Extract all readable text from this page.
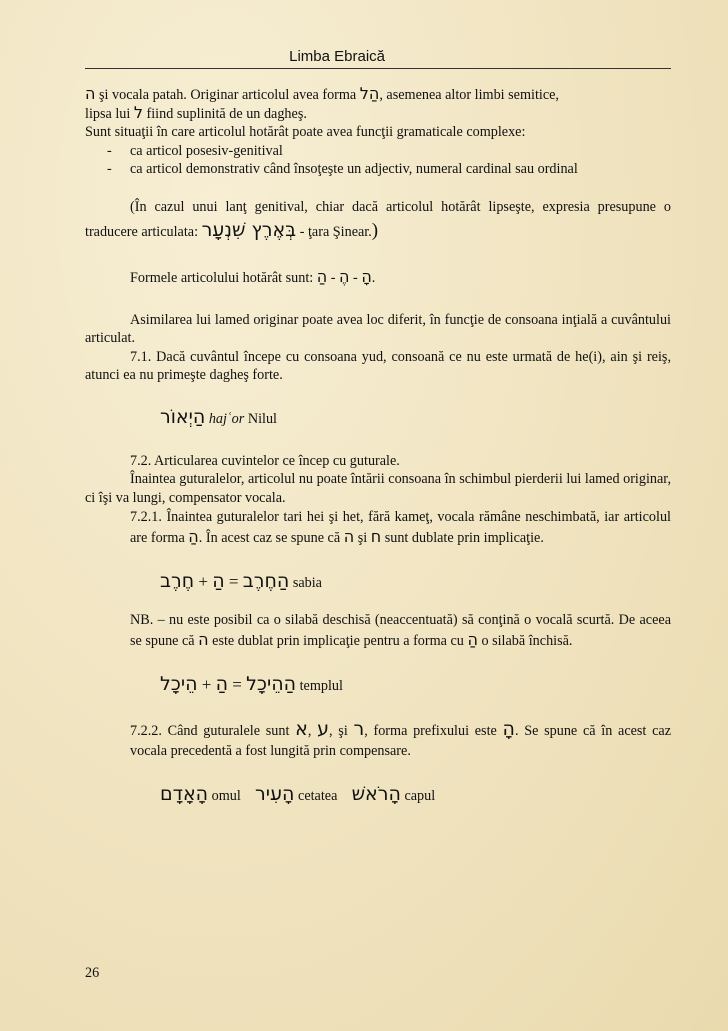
Limba Ebraică

ה şi vocala patah. Originar articolul avea forma הַל, asemenea altor limbi semitice,

lipsa lui ל fiind suplinită de un dagheş.

Sunt situaţii în care articolul hotărât poate avea funcţii gramaticale complexe:

- ca articol posesiv-genitival
- ca articol demonstrativ când însoţeşte un adjectiv, numeral cardinal sau ordinal

(În cazul unui lanţ genitival, chiar dacă articolul hotărât lipseşte, expresia presupune o traducere articulata: בְּאֶרֶץ שִׁנְעָר - ţara Şinear.)

Formele articolului hotărât sunt: הַ - הֶ - הָ.

Asimilarea lui lamed originar poate avea loc diferit, în funcţie de consoana inţială a cuvântului articulat.

7.1. Dacă cuvântul începe cu consoana yud, consoană ce nu este urmată de he(i), ain şi reiş, atunci ea nu primeşte dagheş forte.

הַיְאוֹר hajʿor Nilul

7.2. Articularea cuvintelor ce încep cu guturale.

Înaintea guturalelor, articolul nu poate întării consoana în schimbul pierderii lui lamed originar, ci îşi va lungi, compensator vocala.

7.2.1. Înaintea guturalelor tari hei şi het, fără kameţ, vocala rămâne neschimbată, iar articolul are forma הַ. În acest caz se spune că ה şi ח sunt dublate prin implicaţie.

חֶרֶב + הַ = הַחֶרֶב sabia

NB. – nu este posibil ca o silabă deschisă (neaccentuată) să conţină o vocală scurtă. De aceea se spune că ה este dublat prin implicaţie pentru a forma cu הַ o silabă închisă.

הֵיכָל + הַ = הַהֵיכָל templul

7.2.2. Când guturalele sunt א, ע, şi ר, forma prefixului este הָ. Se spune că în acest caz vocala precedentă a fost lungită prin compensare.

הָאָדָם omul הָעִיר cetatea הָרֹאשׁ capul

26
